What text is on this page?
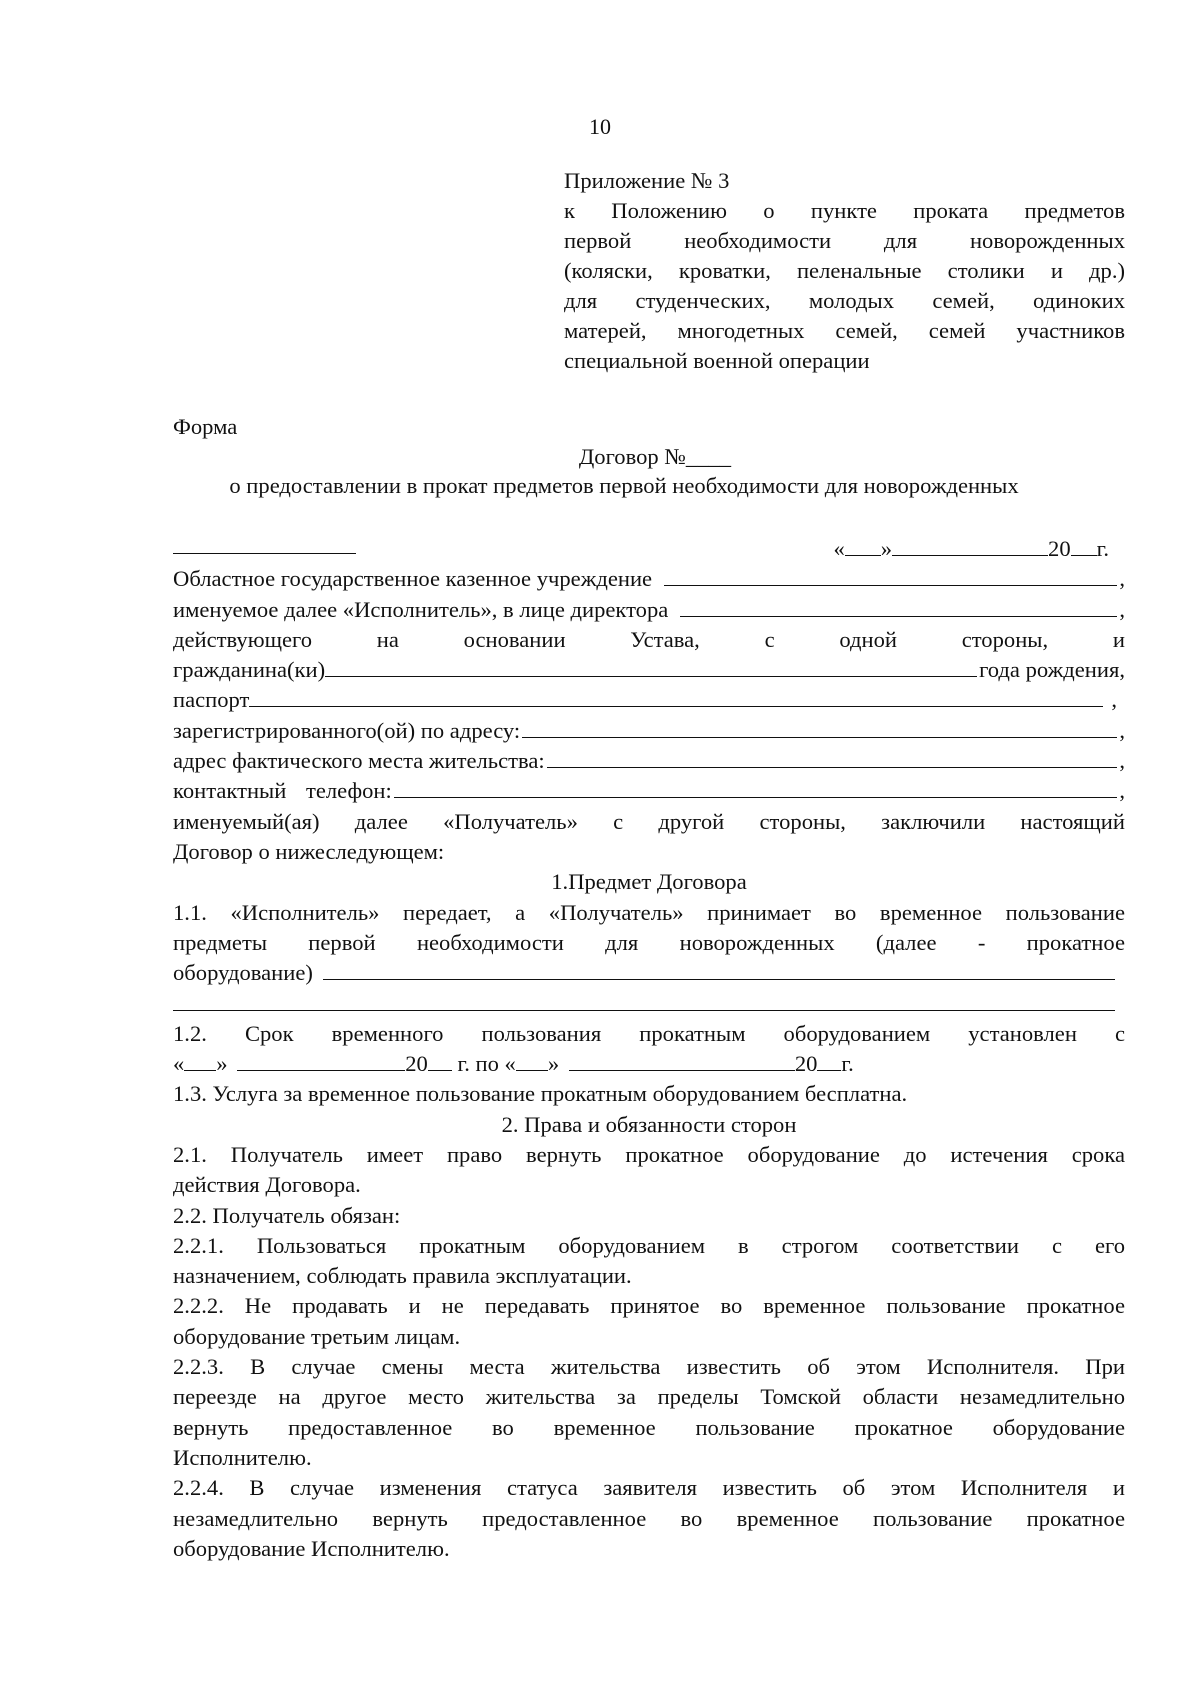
10
Приложение № 3
к Положению о пункте проката предметов
первой необходимости для новорожденных
(коляски, кроватки, пеленальные столики и др.)
для студенческих, молодых семей, одиноких
матерей, многодетных семей, семей участников
специальной военной операции
Форма
Договор №____
о предоставлении в прокат предметов первой необходимости для новорожденных
« »	20 г.
Областное государственное казенное учреждение	,
именуемое далее «Исполнитель», в лице директора	,
действующего	на	основании	Устава,	с	одной	стороны,	и
гражданина(ки)	года рождения,
паспорт	,
зарегистрированного(ой) по адресу:	,
адрес фактического места жительства:	,
контактный телефон:	,
именуемый(ая) далее «Получатель» с другой стороны, заключили настоящий
Договор о нижеследующем:
1.Предмет Договора
1.1. «Исполнитель» передает, а «Получатель» принимает во временное пользование
предметы первой необходимости для новорожденных (далее - прокатное
оборудование)
1.2. Срок временного пользования прокатным оборудованием установлен с
« »	20 г. по « »	20 г.
1.3. Услуга за временное пользование прокатным оборудованием бесплатна.
2. Права и обязанности сторон
2.1. Получатель имеет право вернуть прокатное оборудование до истечения срока
действия Договора.
2.2. Получатель обязан:
2.2.1. Пользоваться прокатным оборудованием в строгом соответствии с его
назначением, соблюдать правила эксплуатации.
2.2.2. Не продавать и не передавать принятое во временное пользование прокатное
оборудование третьим лицам.
2.2.3. В случае смены места жительства известить об этом Исполнителя. При
переезде на другое место жительства за пределы Томской области незамедлительно
вернуть предоставленное во временное пользование прокатное оборудование
Исполнителю.
2.2.4. В случае изменения статуса заявителя известить об этом Исполнителя и
незамедлительно вернуть предоставленное во временное пользование прокатное
оборудование Исполнителю.
